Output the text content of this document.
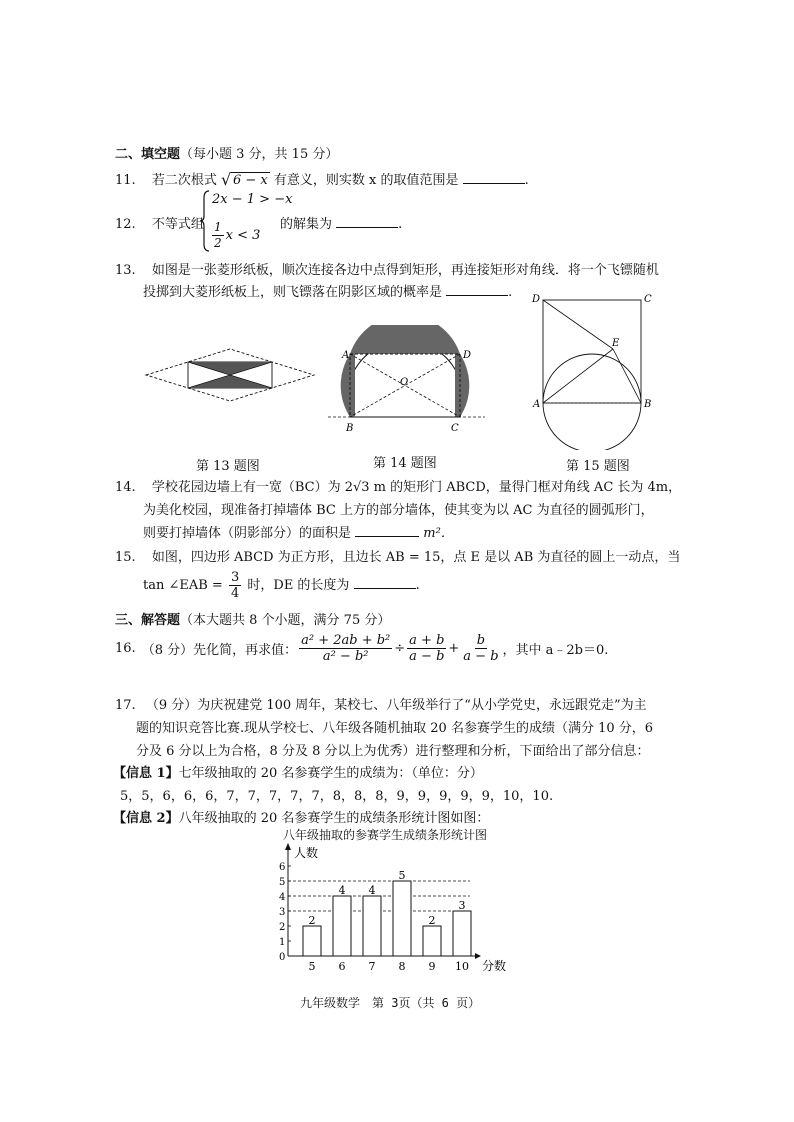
二、填空题（每小题 3 分，共 15 分）
11. 若二次根式 √ 6 − x 有意义，则实数 x 的取值范围是	.
12. 不等式组
2x − 1 > −x
$\frac{1}{2}$ x < 3
的解集为	.
13. 如图是一张菱形纸板，顺次连接各边中点得到矩形，再连接矩形对角线．将一个飞镖随机
投掷到大菱形纸板上，则飞镖落在阴影区域的概率是	.
第 13 题图
A	D
O
B	C
第 14 题图
D	C
E
A	B
第 15 题图
14. 学校花园边墙上有一宽（BC）为 2√3 m 的矩形门 ABCD，量得门框对角线 AC 长为 4m，
为美化校园，现准备打掉墙体 BC 上方的部分墙体，使其变为以 AC 为直径的圆弧形门，
则要打掉墙体（阴影部分）的面积是	m²．
15. 如图，四边形 ABCD 为正方形，且边长 AB = 15，点 E 是以 AB 为直径的圆上一动点，当
tan ∠EAB = $\frac{3}{4}$ 时，DE 的长度为	.
三、解答题（本大题共 8 个小题，满分 75 分）
16. （8 分）先化简，再求值： $\frac{\text{a² + 2ab + b²}}{\text{a² − b²}} \div \frac{a + b}{a - b} + \frac{b}{a - b}$ ，其中 a﹣2b＝0.
17. （9 分）为庆祝建党 100 周年，某校七、八年级举行了“从小学党史，永远跟党走”为主
题的知识竞答比赛.现从学校七、八年级各随机抽取 20 名参赛学生的成绩（满分 10 分，6
分及 6 分以上为合格，8 分及 8 分以上为优秀）进行整理和分析，下面给出了部分信息：
【信息 1】七年级抽取的 20 名参赛学生的成绩为：（单位：分）
5，5，6，6，6，7，7，7，7，7，8，8，8，9，9，9，9，9，10，10.
【信息 2】八年级抽取的 20 名参赛学生的成绩条形统计图如图：
八年级抽取的参赛学生成绩条形统计图
人数
分数
0
1
2
3
4
5
6
2
5
4
6
4
7
5
8
2
9
3
10
九年级数学　第 3页（共 6 页）
